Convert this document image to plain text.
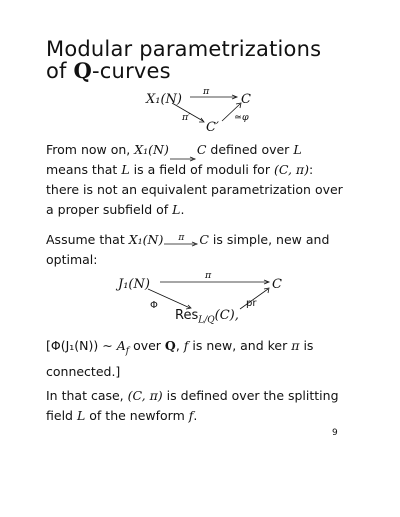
Modular parametrizations
of Q-curves
X₁(N)	C
C′
π
π′	≃φ
From now on, X₁(N) C defined over L
means that L is a field of moduli for (C, π):
there is not an equivalent parametrization over
a proper subfield of L.
Assume that X₁(N) π C is simple, new and
optimal:
J₁(N)	C
π
Φ	pr
Res$_{L/Q}$(C),
[Φ(J₁(N)) ∼ $A_f$ over Q, f is new, and ker π is
connected.]
In that case, (C, π) is defined over the splitting
field L of the newform f.
9
